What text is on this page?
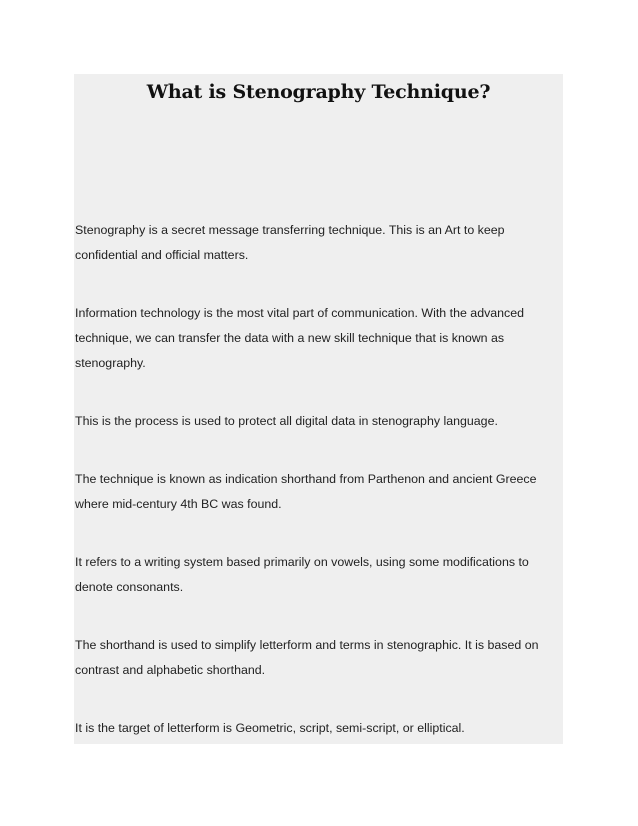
What is Stenography Technique?

Stenography is a secret message transferring technique. This is an Art to keep confidential and official matters.

Information technology is the most vital part of communication. With the advanced technique, we can transfer the data with a new skill technique that is known as stenography.

This is the process is used to protect all digital data in stenography language.

The technique is known as indication shorthand from Parthenon and ancient Greece where mid-century 4th BC was found.

It refers to a writing system based primarily on vowels, using some modifications to denote consonants.

The shorthand is used to simplify letterform and terms in stenographic. It is based on contrast and alphabetic shorthand.

It is the target of letterform is Geometric, script, semi-script, or elliptical.
